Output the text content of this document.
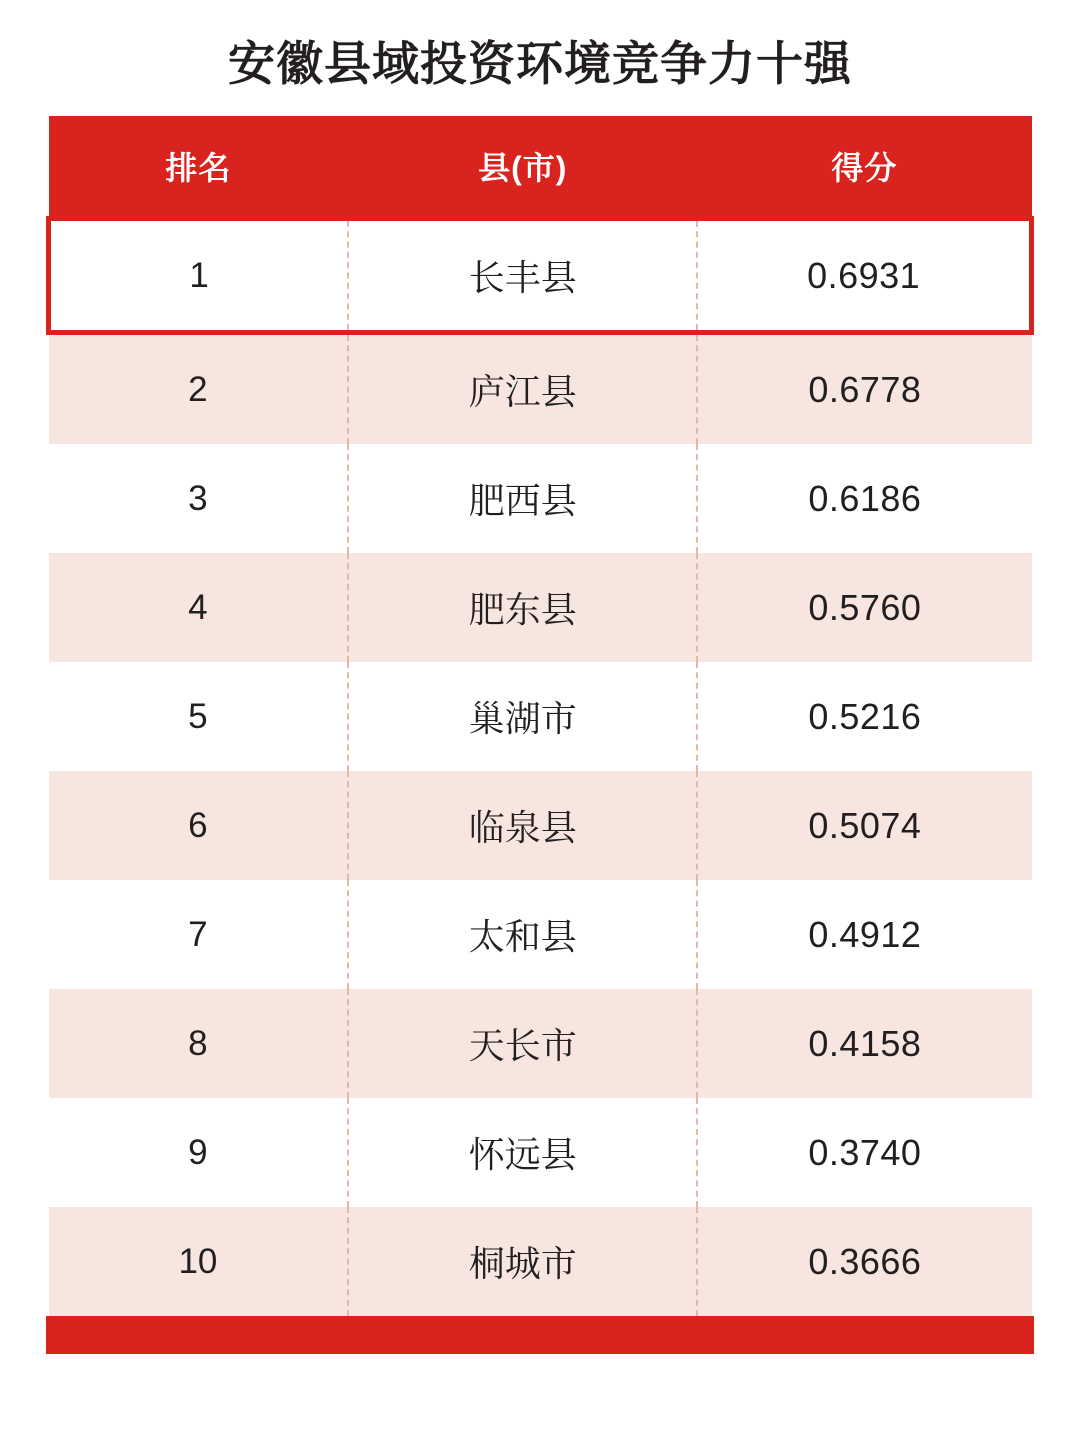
安徽县域投资环境竞争力十强
排名	县(市)	得分
1	长丰县	0.6931
2	庐江县	0.6778
3	肥西县	0.6186
4	肥东县	0.5760
5	巢湖市	0.5216
6	临泉县	0.5074
7	太和县	0.4912
8	天长市	0.4158
9	怀远县	0.3740
10	桐城市	0.3666
